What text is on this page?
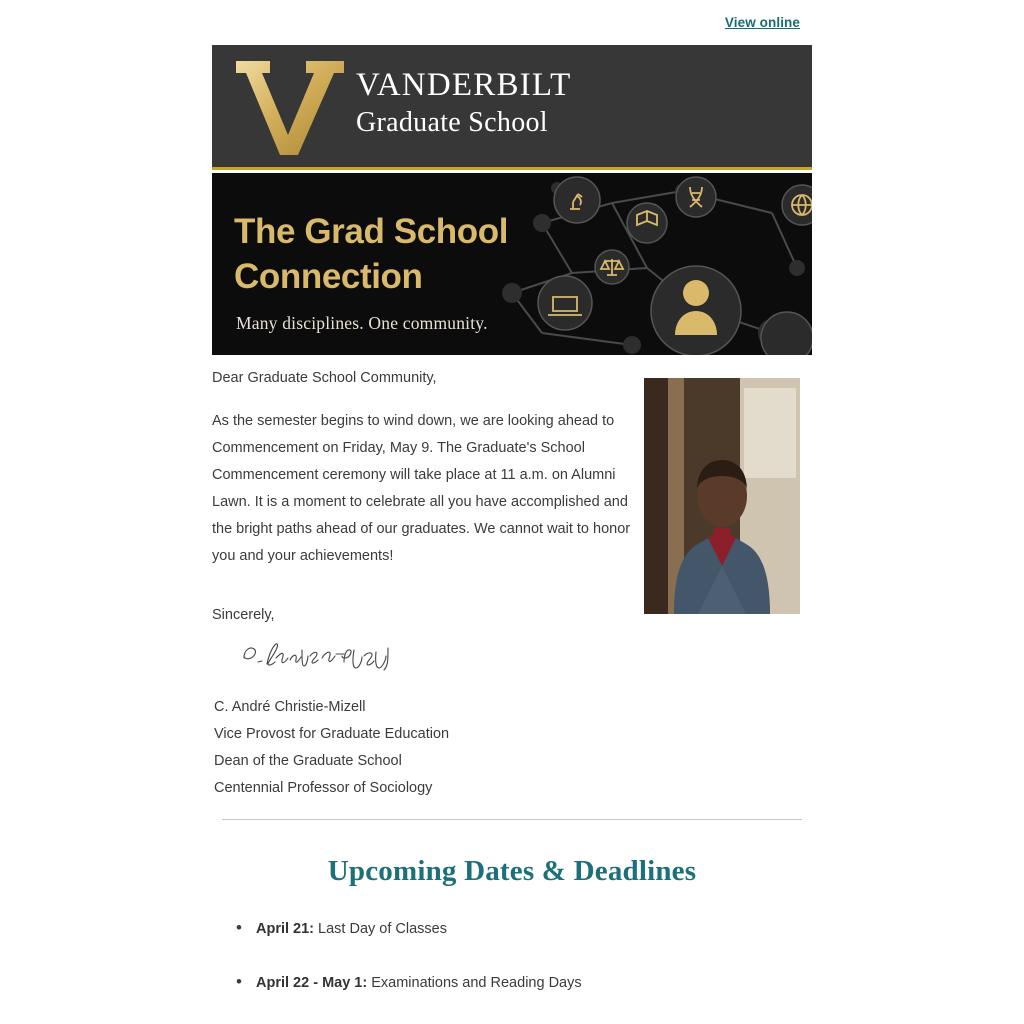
View online
VANDERBILT
Graduate School
The Grad School
Connection
Many disciplines. One community.
Dear Graduate School Community,
As the semester begins to wind down, we are looking ahead to Commencement on Friday, May 9. The Graduate's School Commencement ceremony will take place at 11 a.m. on Alumni Lawn. It is a moment to celebrate all you have accomplished and the bright paths ahead of our graduates. We cannot wait to honor you and your achievements!
Sincerely,
C. André Christie-Mizell
Vice Provost for Graduate Education
Dean of the Graduate School
Centennial Professor of Sociology
Upcoming Dates & Deadlines
• April 21: Last Day of Classes
• April 22 - May 1: Examinations and Reading Days
